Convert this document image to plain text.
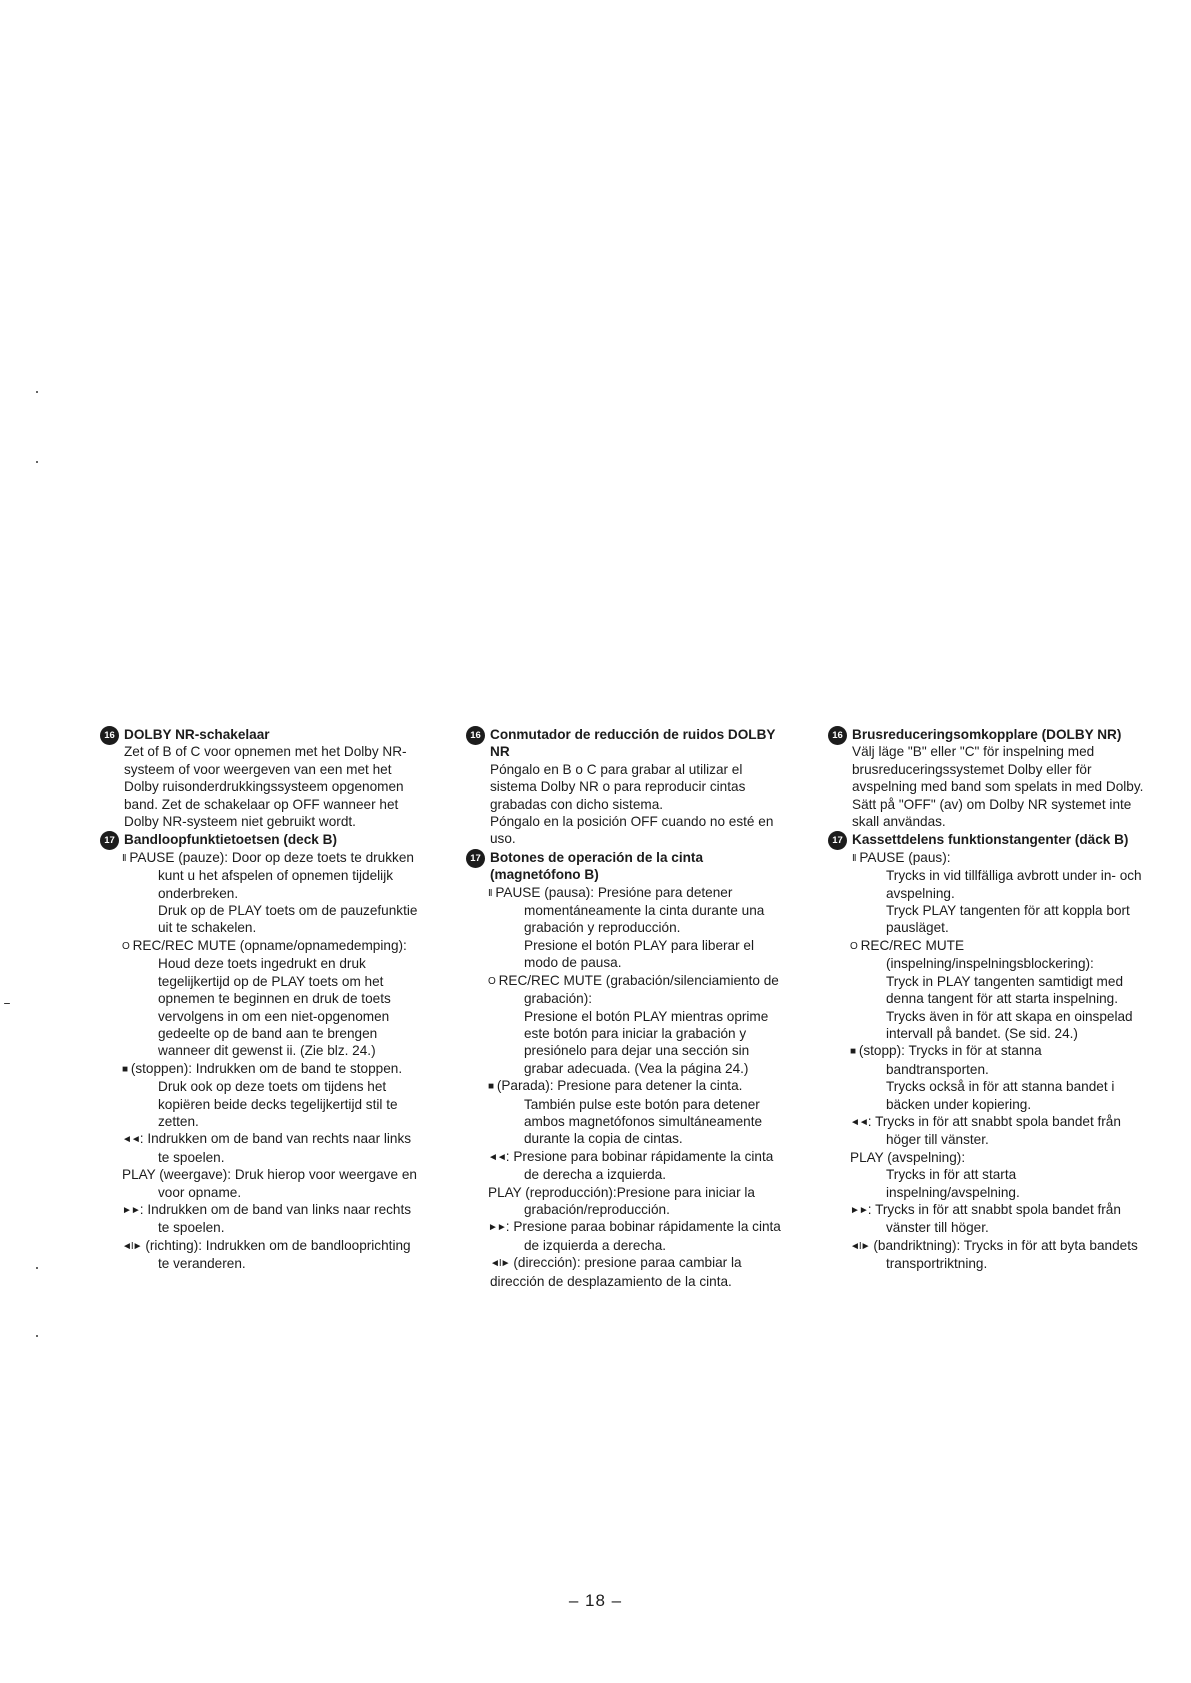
16 DOLBY NR-schakelaar
Zet of B of C voor opnemen met het Dolby NR-systeem of voor weergeven van een met het Dolby ruisonderdrukkingssysteem opgenomen band. Zet de schakelaar op OFF wanneer het Dolby NR-systeem niet gebruikt wordt.
17 Bandloopfunktietoetsen (deck B)
II PAUSE (pauze): Door op deze toets te drukken kunt u het afspelen of opnemen tijdelijk onderbreken.
Druk op de PLAY toets om de pauzefunktie uit te schakelen.
O REC/REC MUTE (opname/opnamedemping):
Houd deze toets ingedrukt en druk tegelijkertijd op de PLAY toets om het opnemen te beginnen en druk de toets vervolgens in om een niet-opgenomen gedeelte op de band aan te brengen wanneer dit gewenst ii. (Zie blz. 24.)
■ (stoppen): Indrukken om de band te stoppen.
Druk ook op deze toets om tijdens het kopiëren beide decks tegelijkertijd stil te zetten.
◄◄: Indrukken om de band van rechts naar links te spoelen.
PLAY (weergave): Druk hierop voor weergave en voor opname.
►►: Indrukken om de band van links naar rechts te spoelen.
◄I► (richting): Indrukken om de bandlooprichting te veranderen.
16 Conmutador de reducción de ruidos DOLBY NR
Póngalo en B o C para grabar al utilizar el sistema Dolby NR o para reproducir cintas grabadas con dicho sistema.
Póngalo en la posición OFF cuando no esté en uso.
17 Botones de operación de la cinta (magnetófono B)
II PAUSE (pausa): Presióne para detener momentáneamente la cinta durante una grabación y reproducción.
Presione el botón PLAY para liberar el modo de pausa.
O REC/REC MUTE (grabación/silenciamiento de grabación):
Presione el botón PLAY mientras oprime este botón para iniciar la grabación y presiónelo para dejar una sección sin grabar adecuada. (Vea la página 24.)
■ (Parada): Presione para detener la cinta.
También pulse este botón para detener ambos magnetófonos simultáneamente durante la copia de cintas.
◄◄: Presione para bobinar rápidamente la cinta de derecha a izquierda.
PLAY (reproducción):Presione para iniciar la grabación/reproducción.
►►: Presione paraa bobinar rápidamente la cinta de izquierda a derecha.
◄I► (dirección): presione paraa cambiar la dirección de desplazamiento de la cinta.
16 Brusreduceringsomkopplare (DOLBY NR)
Välj läge "B" eller "C" för inspelning med brusreduceringssystemet Dolby eller för avspelning med band som spelats in med Dolby.
Sätt på "OFF" (av) om Dolby NR systemet inte skall användas.
17 Kassettdelens funktionstangenter (däck B)
II PAUSE (paus):
Trycks in vid tillfälliga avbrott under in- och avspelning.
Tryck PLAY tangenten för att koppla bort pausläget.
O REC/REC MUTE (inspelning/inspelningsblockering):
Tryck in PLAY tangenten samtidigt med denna tangent för att starta inspelning. Trycks även in för att skapa en oinspelad intervall på bandet. (Se sid. 24.)
■ (stopp): Trycks in för at stanna bandtransporten.
Trycks också in för att stanna bandet i bäcken under kopiering.
◄◄: Trycks in för att snabbt spola bandet från höger till vänster.
PLAY (avspelning):
Trycks in för att starta inspelning/avspelning.
►►: Trycks in för att snabbt spola bandet från vänster till höger.
◄I► (bandriktning): Trycks in för att byta bandets transportriktning.
– 18 –
